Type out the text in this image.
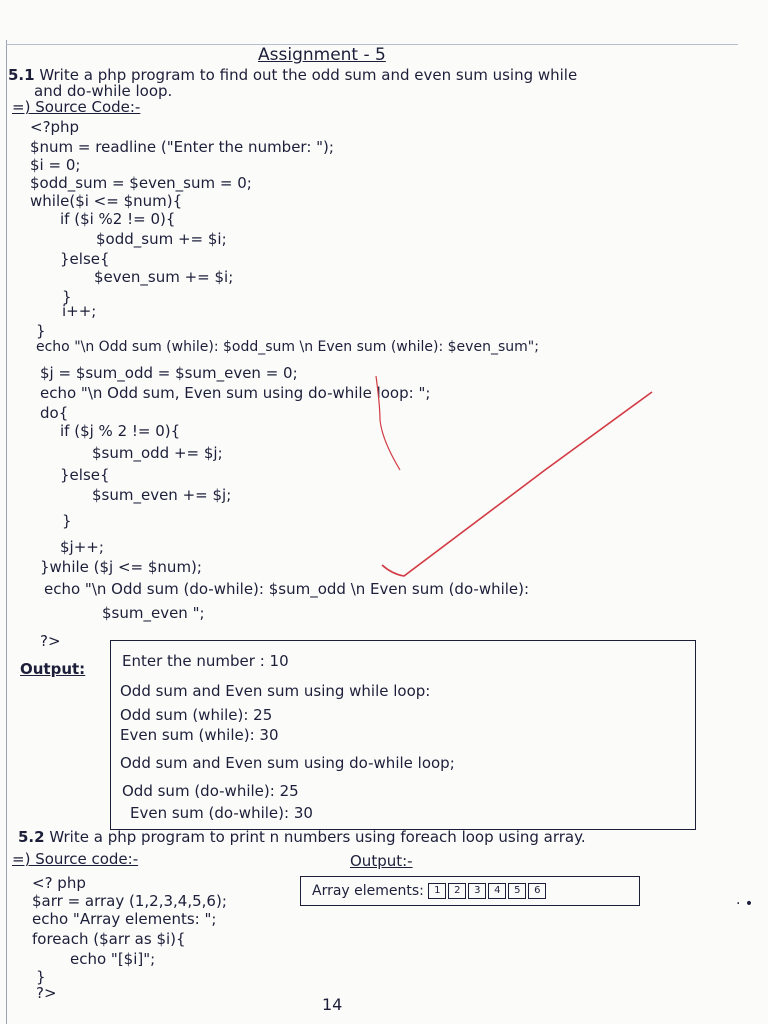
Assignment - 5
5.1 Write a php program to find out the odd sum and even sum using while
and do-while loop.
=) Source Code:-
<?php
$num = readline ("Enter the number: ");
$i = 0;
$odd_sum = $even_sum = 0;
while($i <= $num){
if ($i %2 != 0){
$odd_sum += $i;
}else{
$even_sum += $i;
}
i++;
}
echo "\n Odd sum (while): $odd_sum \n Even sum (while): $even_sum";
$j = $sum_odd = $sum_even = 0;
echo "\n Odd sum, Even sum using do-while loop: ";
do{
if ($j % 2 != 0){
$sum_odd += $j;
}else{
$sum_even += $j;
}
$j++;
}while ($j <= $num);
echo "\n Odd sum (do-while): $sum_odd \n Even sum (do-while):
$sum_even ";
?>
Output: Enter the number : 10
Odd sum and Even sum using while loop:
Odd sum (while): 25
Even sum (while): 30
Odd sum and Even sum using do-while loop;
Odd sum (do-while): 25
Even sum (do-while): 30
5.2 Write a php program to print n numbers using foreach loop using array.
=) Source code:-	Output:-
<? php
$arr = array (1,2,3,4,5,6);
echo "Array elements: ";
foreach ($arr as $i){
echo "[$i]";
}
?>
Array elements: 1 2 3 4 5 6
· •
14
